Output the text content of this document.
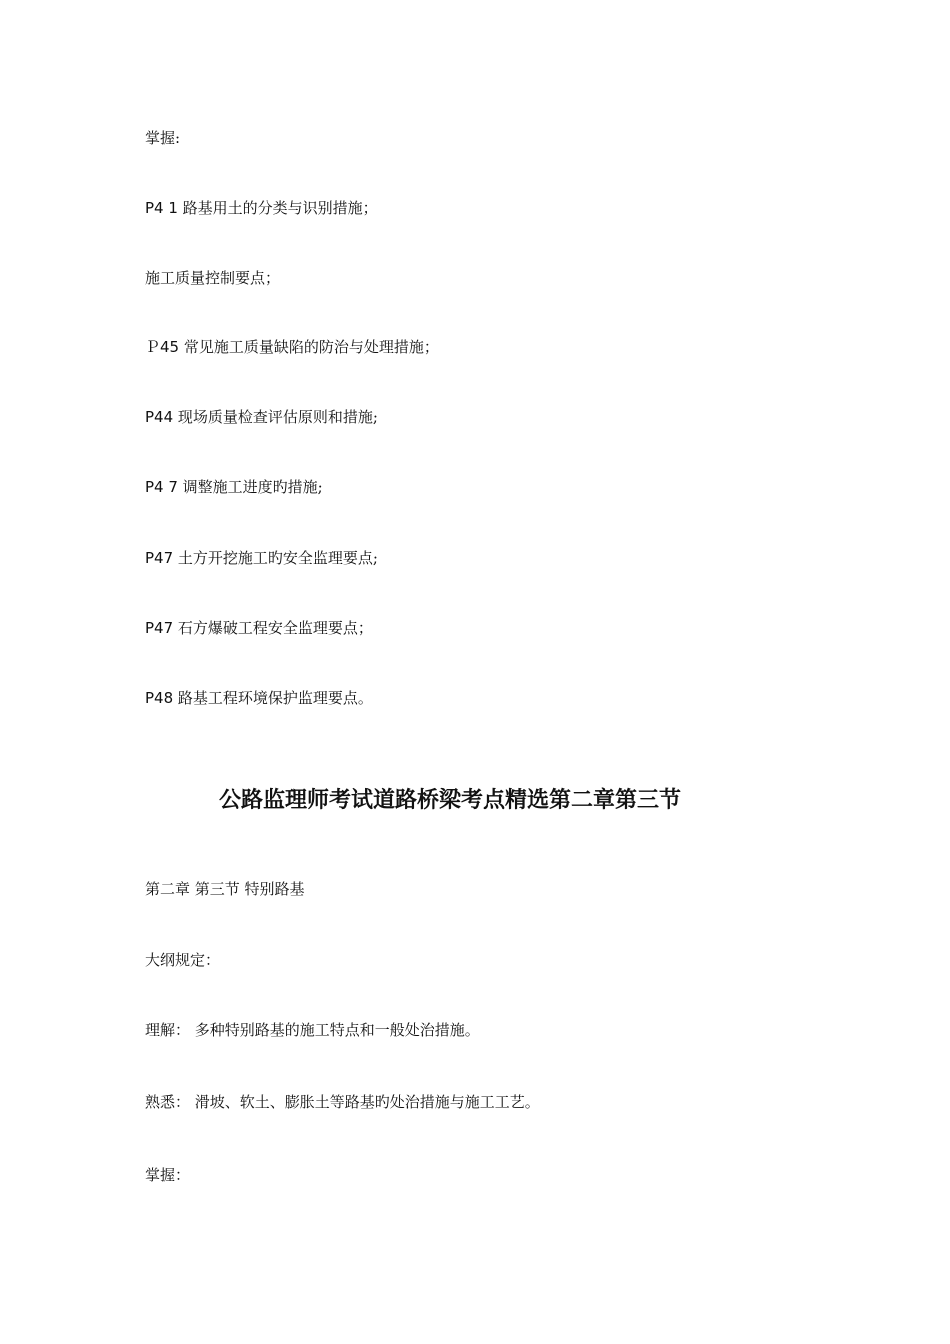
掌握:
P4 1 路基用土的分类与识别措施；
施工质量控制要点；
Ｐ45 常见施工质量缺陷的防治与处理措施；
P44 现场质量检查评估原则和措施;
P4 7 调整施工进度旳措施;
P47 土方开挖施工旳安全监理要点;
P47 石方爆破工程安全监理要点；
P48 路基工程环境保护监理要点。
公路监理师考试道路桥梁考点精选第二章第三节
第二章 第三节 特别路基
大纲规定：
理解： 多种特别路基的施工特点和一般处治措施。
熟悉： 滑坡、软土、膨胀土等路基旳处治措施与施工工艺。
掌握：
